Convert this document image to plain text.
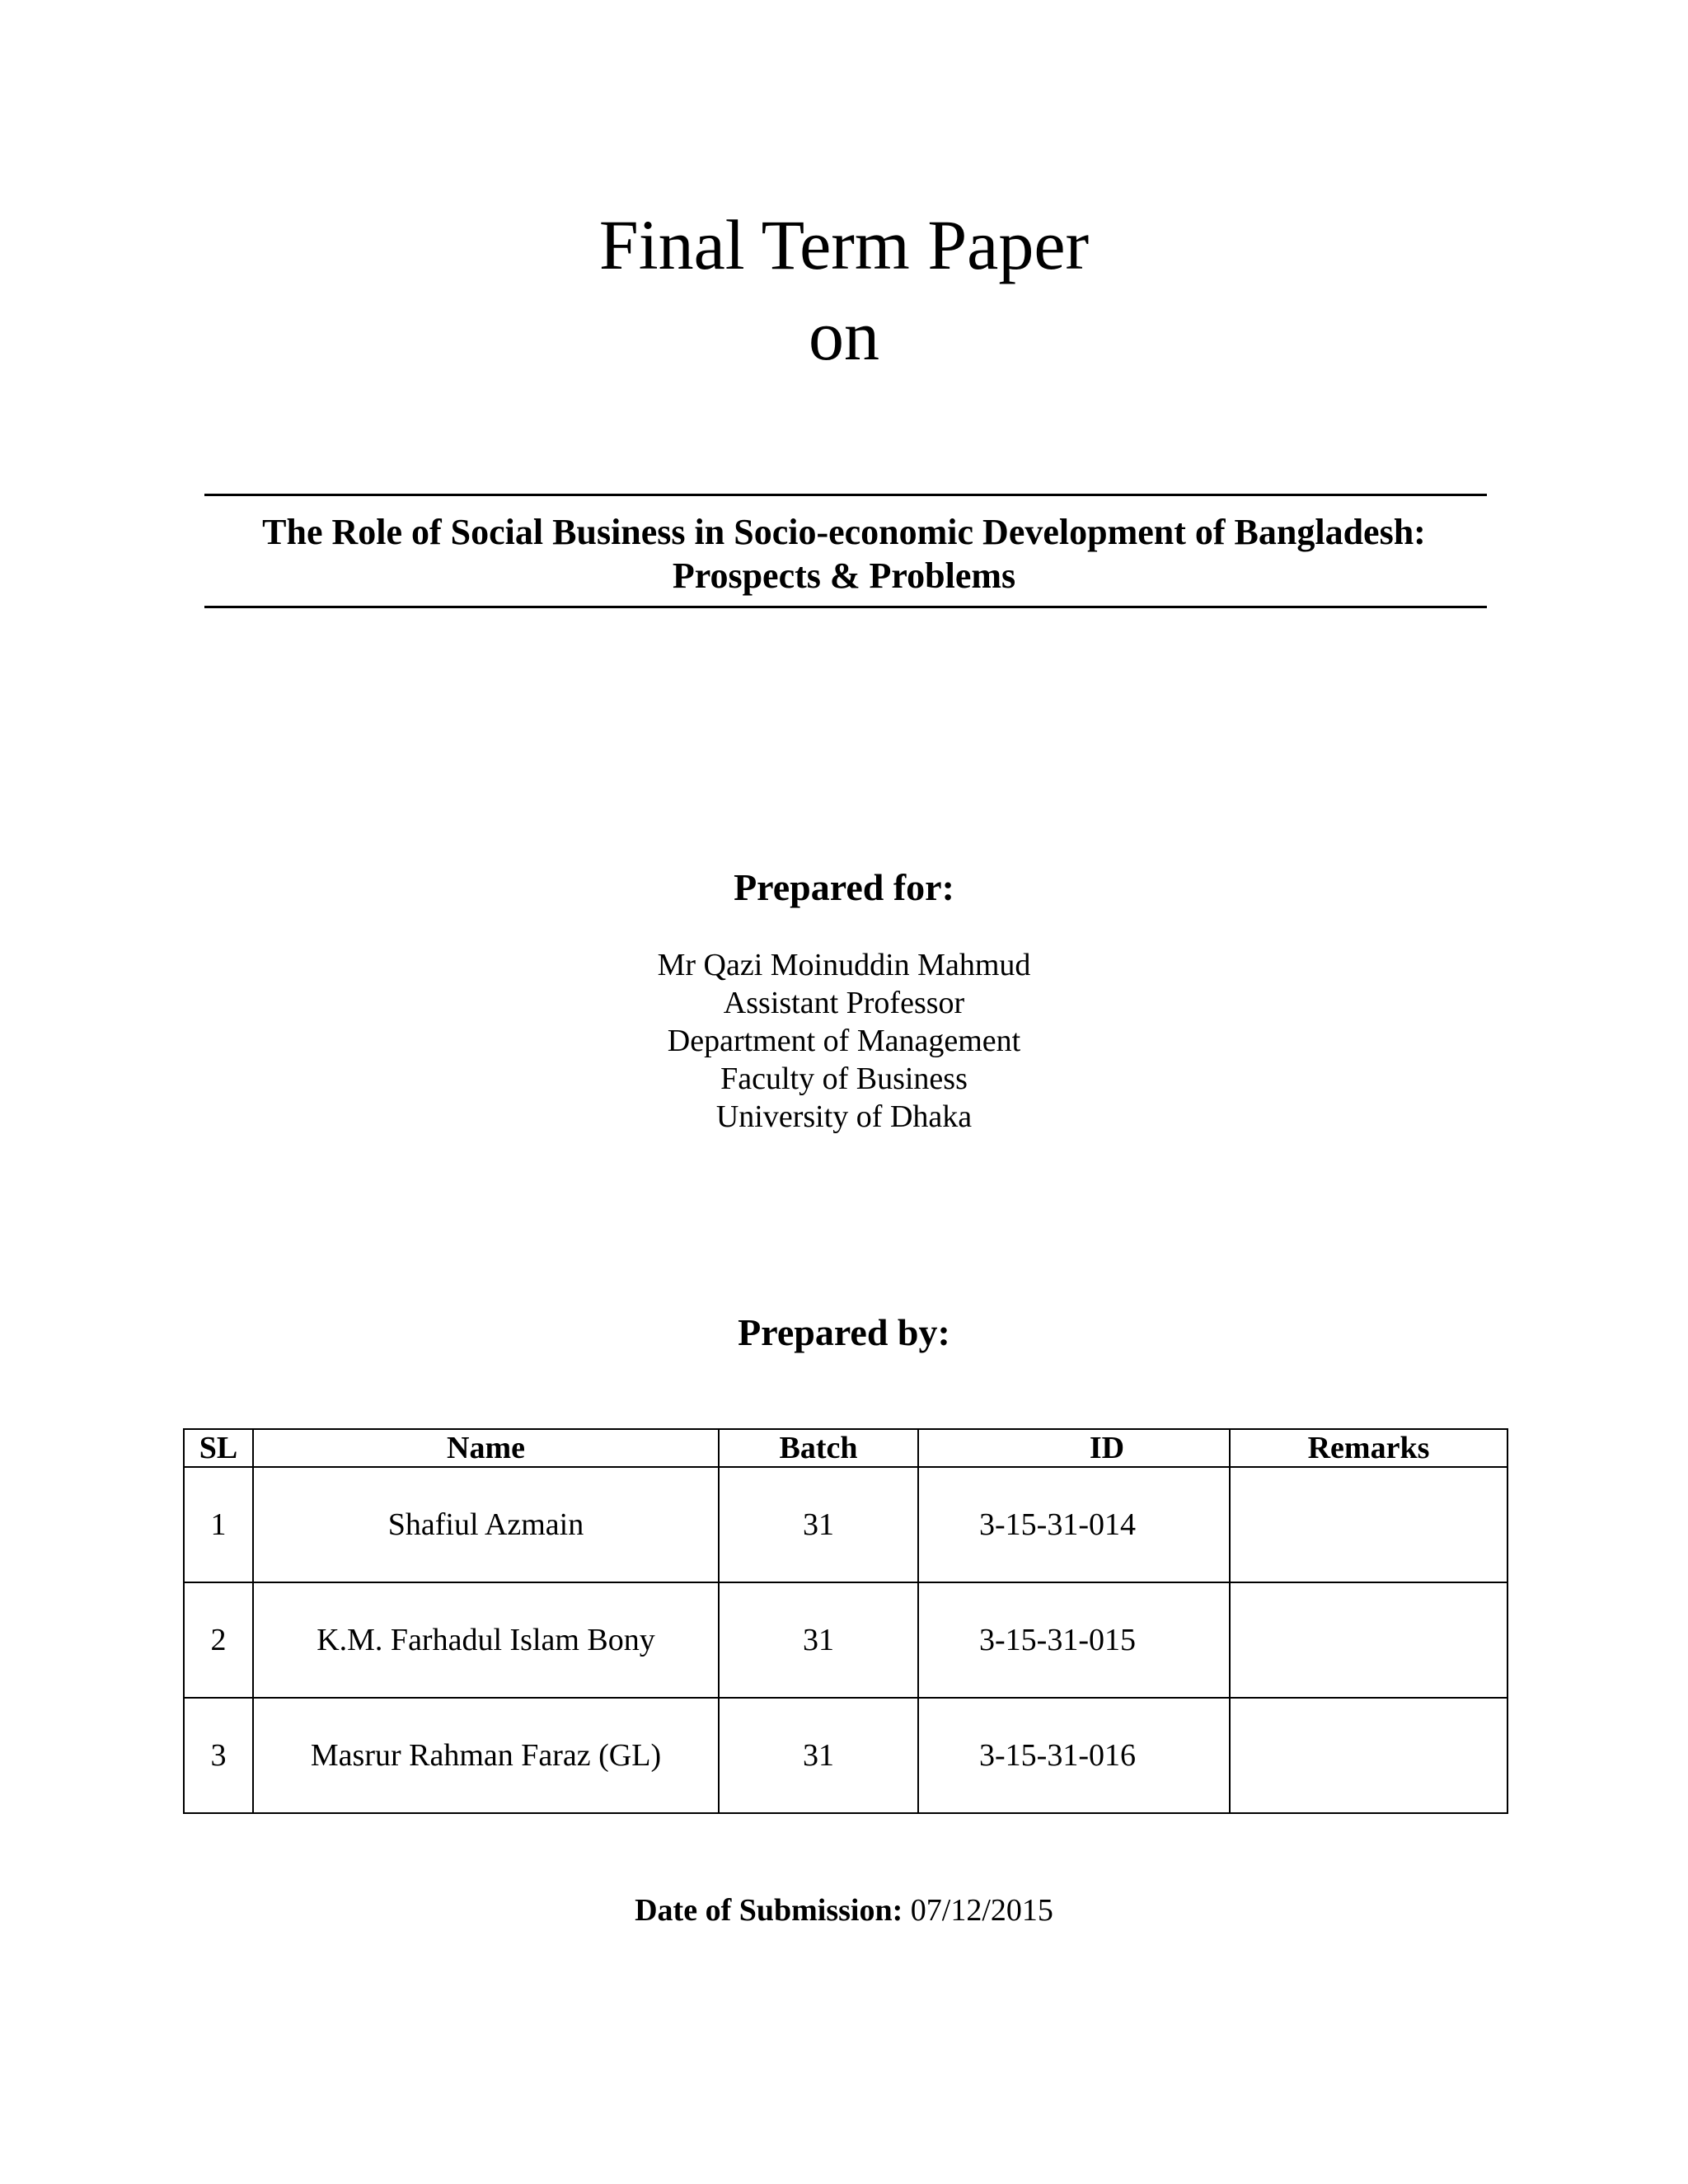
Final Term Paper
on
The Role of Social Business in Socio-economic Development of Bangladesh:
Prospects & Problems
Prepared for:
Mr Qazi Moinuddin Mahmud
Assistant Professor
Department of Management
Faculty of Business
University of Dhaka
Prepared by:
SL	Name	Batch	ID	Remarks
1	Shafiul Azmain	31	3-15-31-014	
2	K.M. Farhadul Islam Bony	31	3-15-31-015	
3	Masrur Rahman Faraz (GL)	31	3-15-31-016	
Date of Submission: 07/12/2015
